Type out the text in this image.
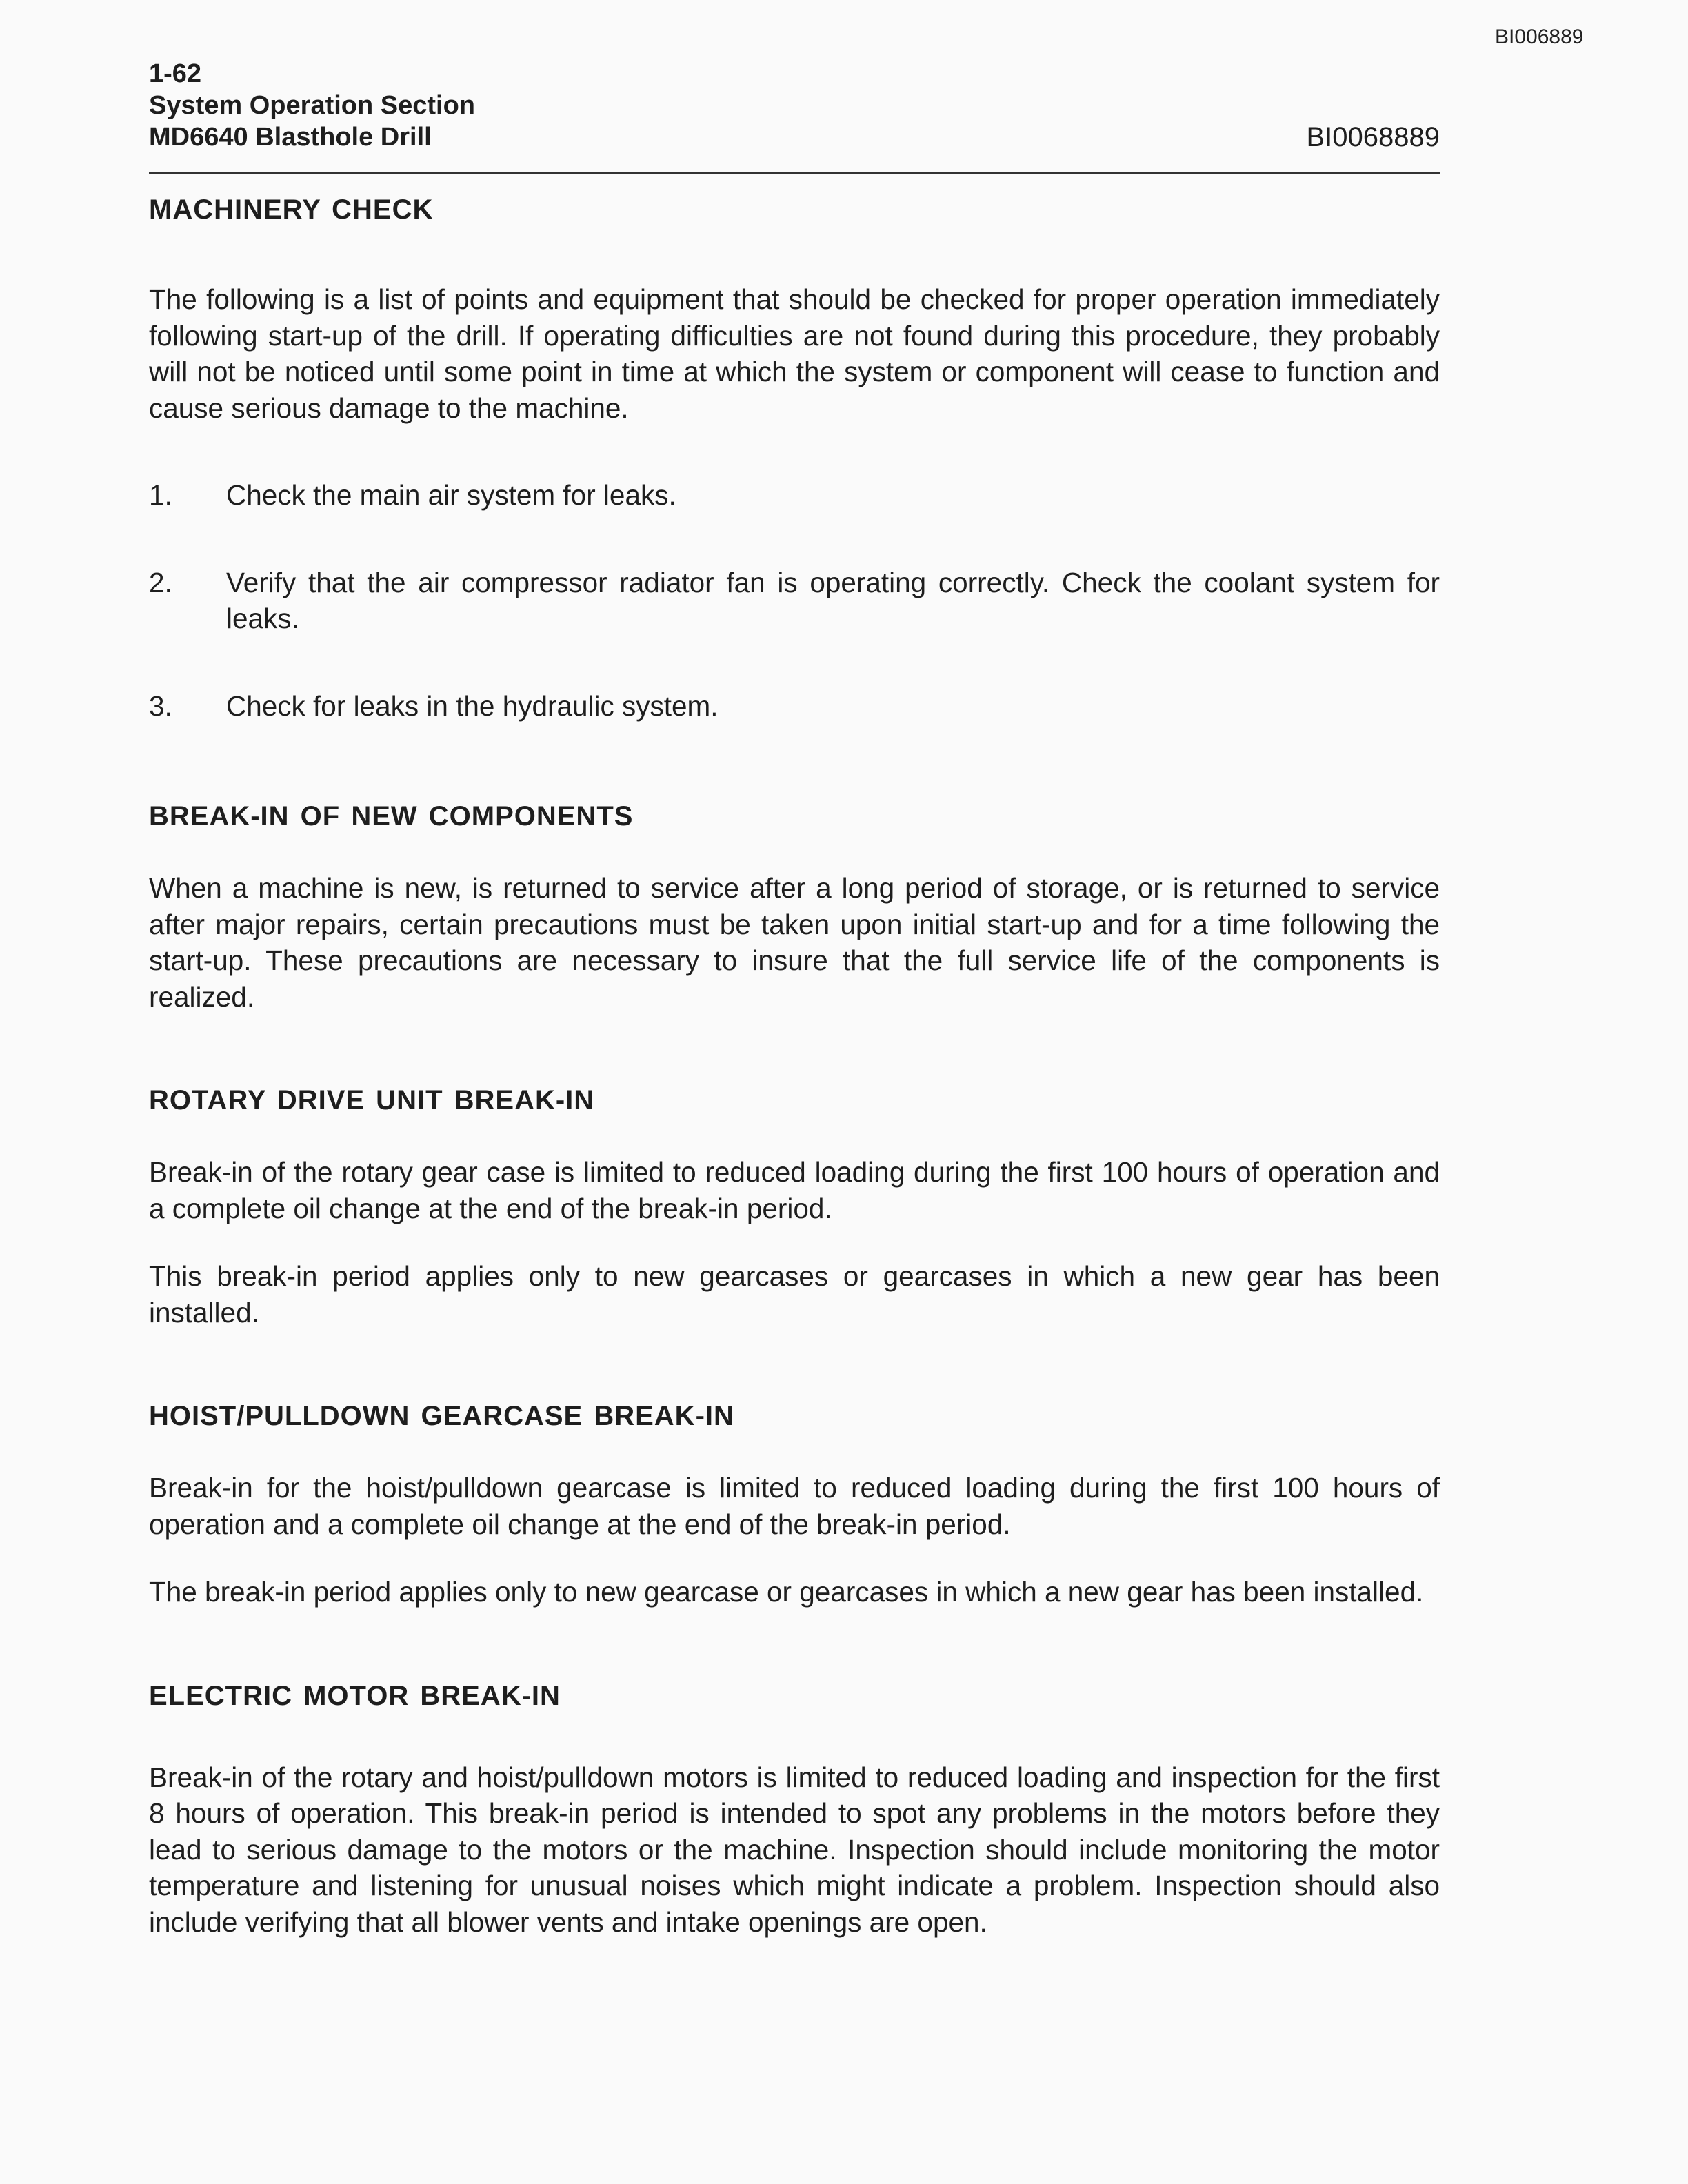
BI006889
1-62
System Operation Section
MD6640 Blasthole Drill	BI0068889
MACHINERY CHECK

The following is a list of points and equipment that should be checked for proper operation immediately following start-up of the drill. If operating difficulties are not found during this procedure, they probably will not be noticed until some point in time at which the system or component will cease to function and cause serious damage to the machine.

1. Check the main air system for leaks.
2. Verify that the air compressor radiator fan is operating correctly. Check the coolant system for leaks.
3. Check for leaks in the hydraulic system.
BREAK-IN OF NEW COMPONENTS

When a machine is new, is returned to service after a long period of storage, or is returned to service after major repairs, certain precautions must be taken upon initial start-up and for a time following the start-up. These precautions are necessary to insure that the full service life of the components is realized.

ROTARY DRIVE UNIT BREAK-IN

Break-in of the rotary gear case is limited to reduced loading during the first 100 hours of operation and a complete oil change at the end of the break-in period.

This break-in period applies only to new gearcases or gearcases in which a new gear has been installed.

HOIST/PULLDOWN GEARCASE BREAK-IN

Break-in for the hoist/pulldown gearcase is limited to reduced loading during the first 100 hours of operation and a complete oil change at the end of the break-in period.

The break-in period applies only to new gearcase or gearcases in which a new gear has been installed.

ELECTRIC MOTOR BREAK-IN

Break-in of the rotary and hoist/pulldown motors is limited to reduced loading and inspection for the first 8 hours of operation. This break-in period is intended to spot any problems in the motors before they lead to serious damage to the motors or the machine. Inspection should include monitoring the motor temperature and listening for unusual noises which might indicate a problem. Inspection should also include verifying that all blower vents and intake openings are open.
